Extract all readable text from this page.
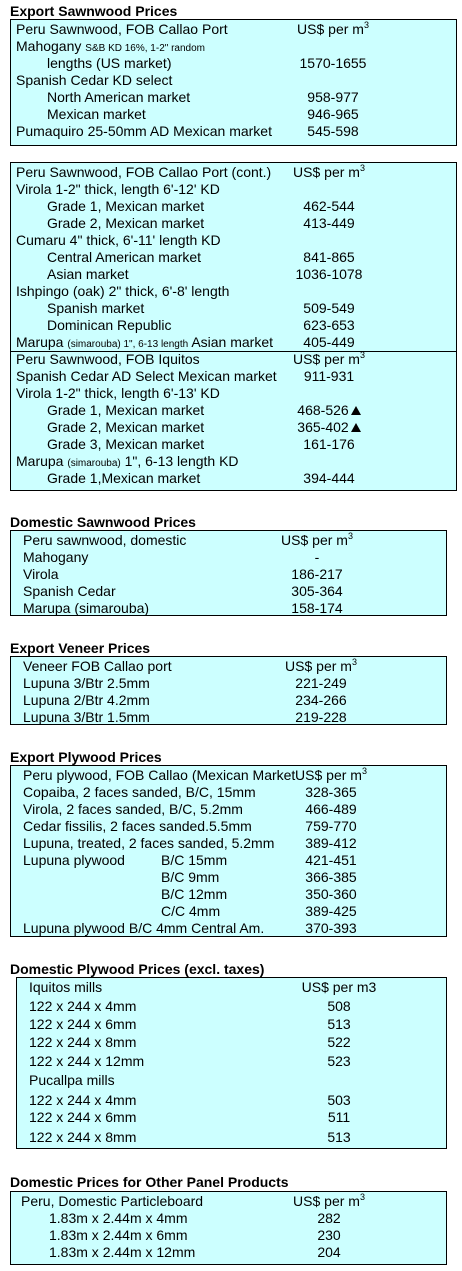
Export Sawnwood Prices
Peru Sawnwood, FOB Callao Port	US$ per $m^3$
Mahogany S&B KD 16%, 1-2" random
lengths (US market)	1570-1655
Spanish Cedar KD select
North American market	958-977
Mexican market	946-965
Pumaquiro 25-50mm AD Mexican market	545-598
Peru Sawnwood, FOB Callao Port (cont.)	US$ per $m^3$
Virola 1-2" thick, length 6'-12' KD
Grade 1, Mexican market	462-544
Grade 2, Mexican market	413-449
Cumaru 4" thick, 6'-11' length KD
Central American market	841-865
Asian market	1036-1078
Ishpingo (oak) 2" thick, 6'-8' length
Spanish market	509-549
Dominican Republic	623-653
Marupa (simarouba) 1", 6-13 length Asian market	405-449
Peru Sawnwood, FOB Iquitos	US$ per $m^3$
Spanish Cedar AD Select Mexican market	911-931
Virola 1-2" thick, length 6'-13' KD
Grade 1, Mexican market	468-526
Grade 2, Mexican market	365-402
Grade 3, Mexican market	161-176
Marupa (simarouba) 1", 6-13 length KD
Grade 1,Mexican market	394-444
Domestic Sawnwood Prices
Peru sawnwood, domestic	US$ per $m^3$
Mahogany	-
Virola	186-217
Spanish Cedar	305-364
Marupa (simarouba)	158-174
Export Veneer Prices
Veneer FOB Callao port	US$ per $m^3$
Lupuna 3/Btr 2.5mm	221-249
Lupuna 2/Btr 4.2mm	234-266
Lupuna 3/Btr 1.5mm	219-228
Export Plywood Prices
Peru plywood, FOB Callao (Mexican Market US$ per $m^3$
Copaiba, 2 faces sanded, B/C, 15mm	328-365
Virola, 2 faces sanded, B/C, 5.2mm	466-489
Cedar fissilis, 2 faces sanded.5.5mm	759-770
Lupuna, treated, 2 faces sanded, 5.2mm	389-412
Lupuna plywood	B/C 15mm	421-451
B/C 9mm	366-385
B/C 12mm	350-360
C/C 4mm	389-425
Lupuna plywood B/C 4mm Central Am.	370-393
Domestic Plywood Prices (excl. taxes)
Iquitos mills	US$ per m3
122 x 244 x 4mm	508
122 x 244 x 6mm	513
122 x 244 x 8mm	522
122 x 244 x 12mm	523
Pucallpa mills
122 x 244 x 4mm	503
122 x 244 x 6mm	511
122 x 244 x 8mm	513
Domestic Prices for Other Panel Products
Peru, Domestic Particleboard	US$ per $m^3$
1.83m x 2.44m x 4mm	282
1.83m x 2.44m x 6mm	230
1.83m x 2.44m x 12mm	204
